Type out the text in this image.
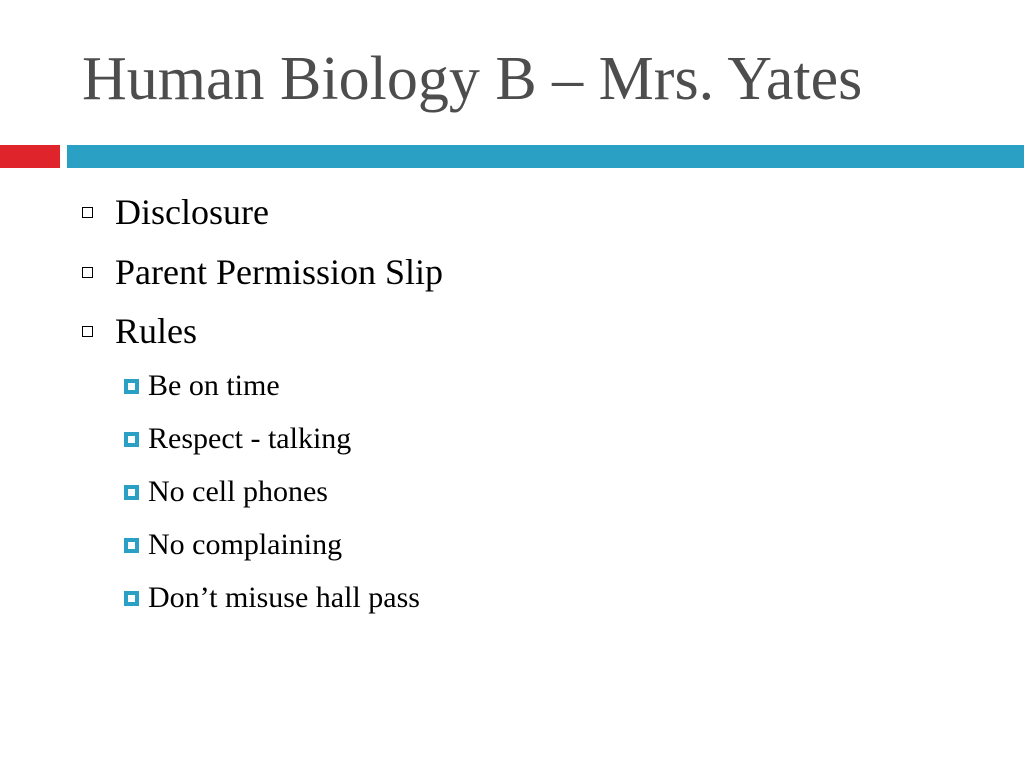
Human Biology B – Mrs. Yates
Disclosure
Parent Permission Slip
Rules
Be on time
Respect - talking
No cell phones
No complaining
Don’t misuse hall pass
